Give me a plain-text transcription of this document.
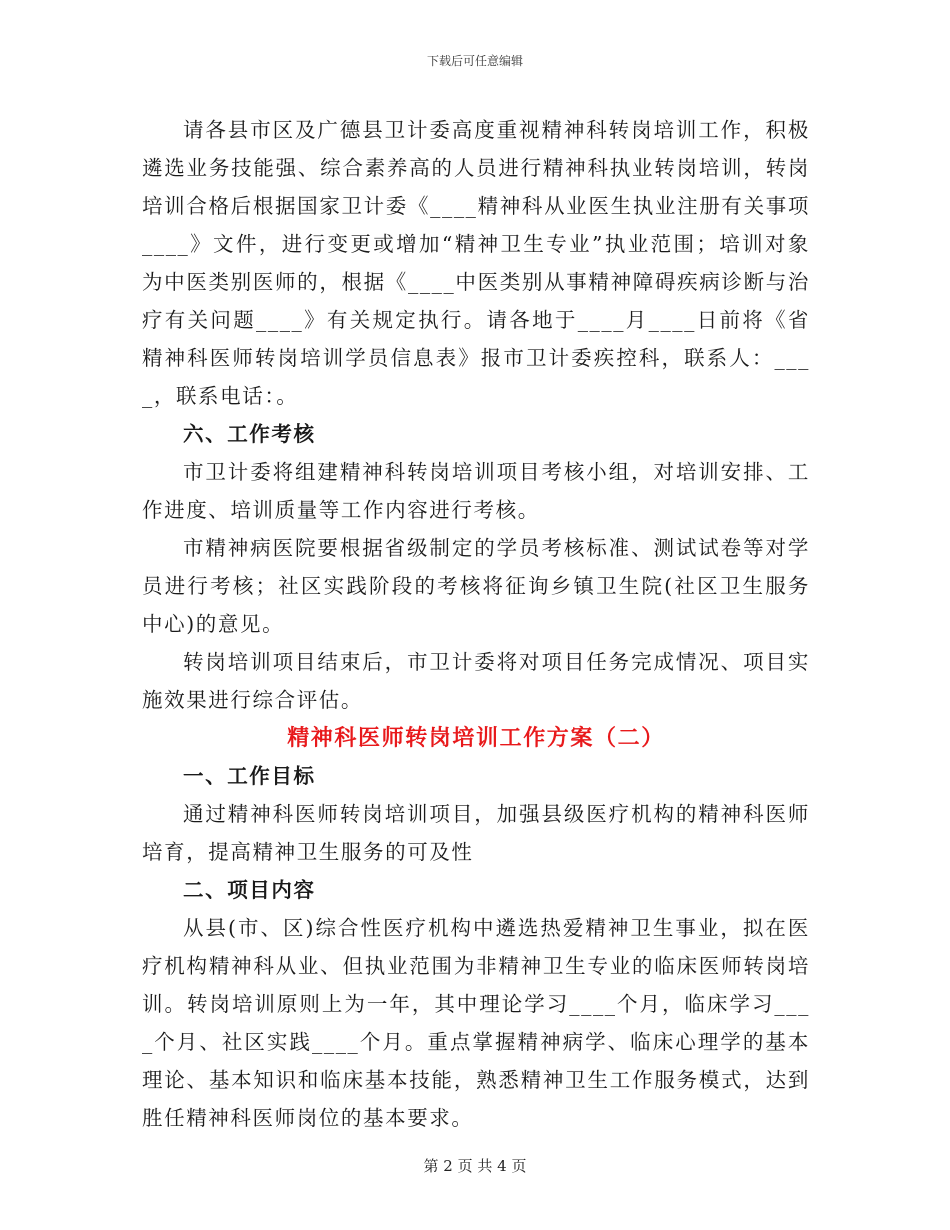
下载后可任意编辑

请各县市区及广德县卫计委高度重视精神科转岗培训工作，积极遴选业务技能强、综合素养高的人员进行精神科执业转岗培训，转岗培训合格后根据国家卫计委《____精神科从业医生执业注册有关事项____》文件，进行变更或增加“精神卫生专业”执业范围；培训对象为中医类别医师的，根据《____中医类别从事精神障碍疾病诊断与治疗有关问题____》有关规定执行。请各地于____月____日前将《省精神科医师转岗培训学员信息表》报市卫计委疾控科，联系人：____，联系电话：。

六、工作考核

市卫计委将组建精神科转岗培训项目考核小组，对培训安排、工作进度、培训质量等工作内容进行考核。

市精神病医院要根据省级制定的学员考核标准、测试试卷等对学员进行考核；社区实践阶段的考核将征询乡镇卫生院(社区卫生服务中心)的意见。

转岗培训项目结束后，市卫计委将对项目任务完成情况、项目实施效果进行综合评估。

精神科医师转岗培训工作方案（二）

一、工作目标

通过精神科医师转岗培训项目，加强县级医疗机构的精神科医师培育，提高精神卫生服务的可及性

二、项目内容

从县(市、区)综合性医疗机构中遴选热爱精神卫生事业，拟在医疗机构精神科从业、但执业范围为非精神卫生专业的临床医师转岗培训。转岗培训原则上为一年，其中理论学习____个月，临床学习____个月、社区实践____个月。重点掌握精神病学、临床心理学的基本理论、基本知识和临床基本技能，熟悉精神卫生工作服务模式，达到胜任精神科医师岗位的基本要求。

第 2 页 共 4 页
